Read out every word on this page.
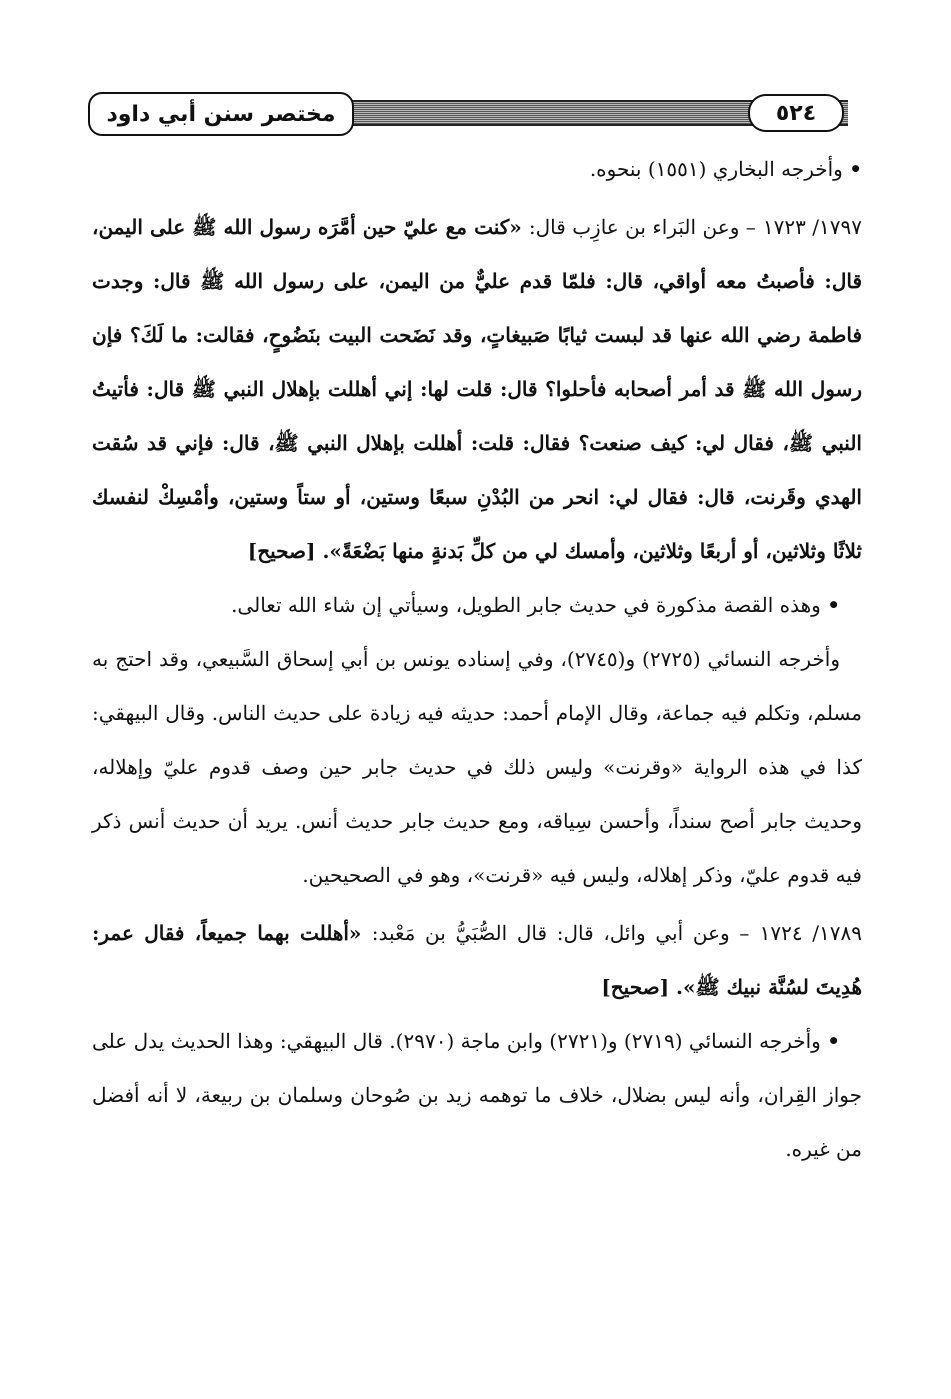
مختصر سنن أبي داود	٥٢٤

• وأخرجه البخاري (١٥٥١) بنحوه.

١٧٩٧/ ١٧٢٣ – وعن البَراء بن عازِب قال: «كنت مع عليّ حين أمَّرَه رسول الله ﷺ على اليمن، قال: فأصبتُ معه أواقي، قال: فلمّا قدم عليٌّ من اليمن، على رسول الله ﷺ قال: وجدت فاطمة رضي الله عنها قد لبست ثيابًا صَبيغاتٍ، وقد نَضَحت البيت بنَضُوحٍ، فقالت: ما لَكَ؟ فإن رسول الله ﷺ قد أمر أصحابه فأحلوا؟ قال: قلت لها: إني أهللت بإهلال النبي ﷺ قال: فأتيتُ النبي ﷺ، فقال لي: كيف صنعت؟ فقال: قلت: أهللت بإهلال النبي ﷺ، قال: فإني قد سُقت الهدي وقَرنت، قال: فقال لي: انحر من البُدْنِ سبعًا وستين، أو ستاً وستين، وأمْسِكْ لنفسك ثلاثًا وثلاثين، أو أربعًا وثلاثين، وأمسك لي من كلِّ بَدنةٍ منها بَضْعَةً». [صحيح]

• وهذه القصة مذكورة في حديث جابر الطويل، وسيأتي إن شاء الله تعالى.

وأخرجه النسائي (٢٧٢٥) و(٢٧٤٥)، وفي إسناده يونس بن أبي إسحاق السَّبيعي، وقد احتج به مسلم، وتكلم فيه جماعة، وقال الإمام أحمد: حديثه فيه زيادة على حديث الناس. وقال البيهقي: كذا في هذه الرواية «وقرنت» وليس ذلك في حديث جابر حين وصف قدوم عليّ وإهلاله، وحديث جابر أصح سنداً، وأحسن سِياقه، ومع حديث جابر حديث أنس. يريد أن حديث أنس ذكر فيه قدوم عليّ، وذكر إهلاله، وليس فيه «قرنت»، وهو في الصحيحين.

١٧٨٩/ ١٧٢٤ – وعن أبي وائل، قال: قال الصُّبَيُّ بن مَعْبد: «أهللت بهما جميعاً، فقال عمر: هُدِيتَ لسُنَّة نبيك ﷺ». [صحيح]

• وأخرجه النسائي (٢٧١٩) و(٢٧٢١) وابن ماجة (٢٩٧٠). قال البيهقي: وهذا الحديث يدل على جواز القِران، وأنه ليس بضلال، خلاف ما توهمه زيد بن صُوحان وسلمان بن ربيعة، لا أنه أفضل من غيره.
